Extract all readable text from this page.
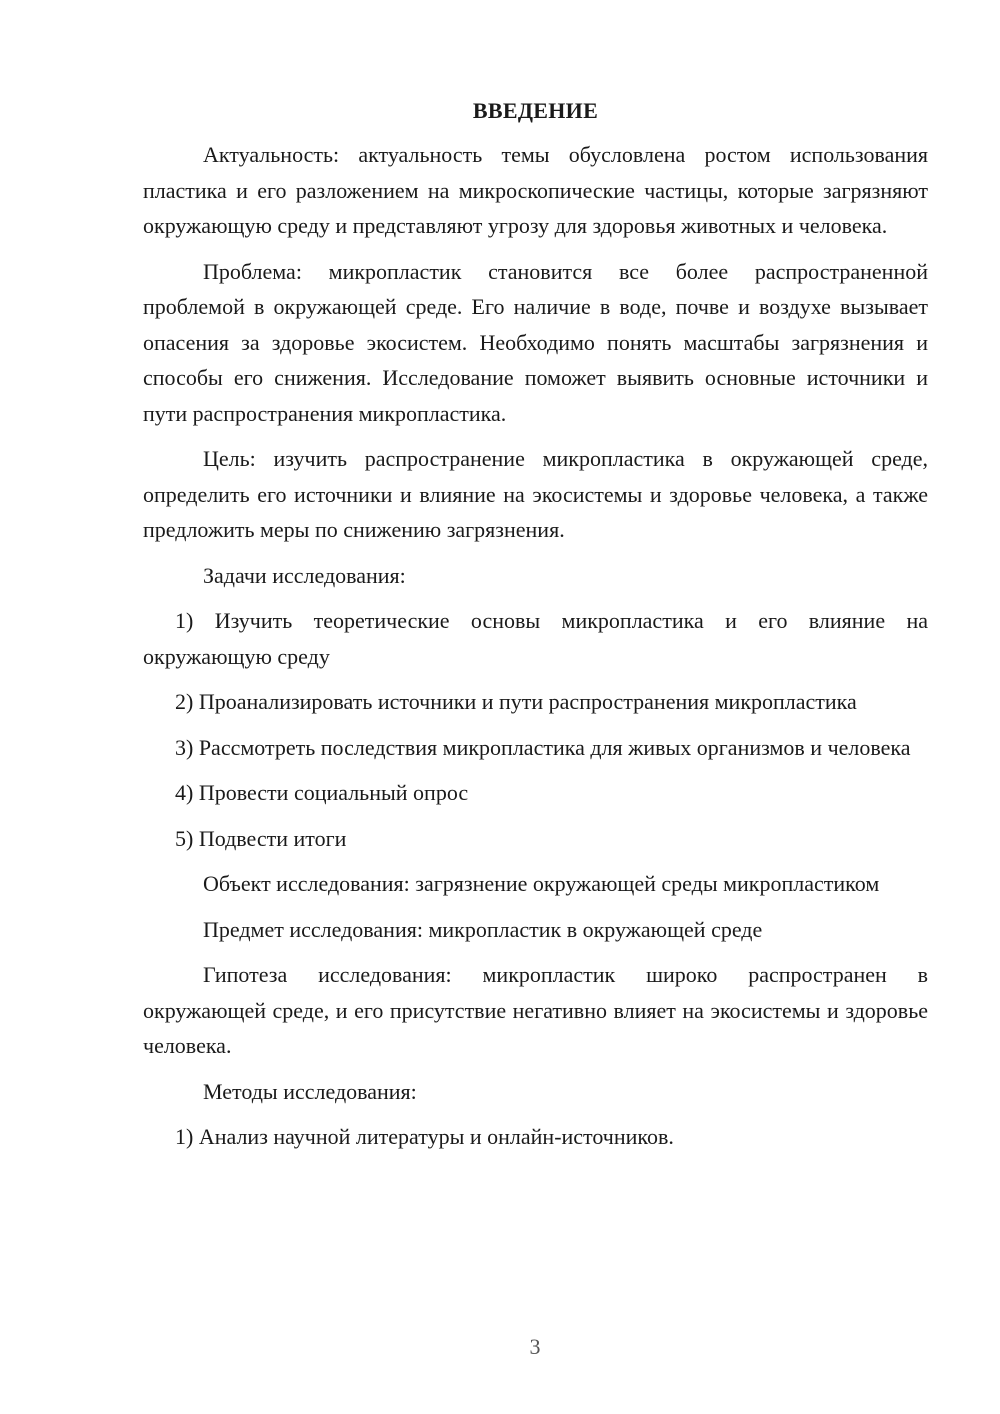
ВВЕДЕНИЕ

Актуальность: актуальность темы обусловлена ростом использования пластика и его разложением на микроскопические частицы, которые загрязняют окружающую среду и представляют угрозу для здоровья животных и человека.

Проблема: микропластик становится все более распространенной проблемой в окружающей среде. Его наличие в воде, почве и воздухе вызывает опасения за здоровье экосистем. Необходимо понять масштабы загрязнения и способы его снижения. Исследование поможет выявить основные источники и пути распространения микропластика.

Цель: изучить распространение микропластика в окружающей среде, определить его источники и влияние на экосистемы и здоровье человека, а также предложить меры по снижению загрязнения.

Задачи исследования:

1) Изучить теоретические основы микропластика и его влияние на окружающую среду

2) Проанализировать источники и пути распространения микропластика

3) Рассмотреть последствия микропластика для живых организмов и человека

4) Провести социальный опрос

5) Подвести итоги

Объект исследования: загрязнение окружающей среды микропластиком

Предмет исследования: микропластик в окружающей среде

Гипотеза исследования: микропластик широко распространен в окружающей среде, и его присутствие негативно влияет на экосистемы и здоровье человека.

Методы исследования:

1) Анализ научной литературы и онлайн-источников.

3
